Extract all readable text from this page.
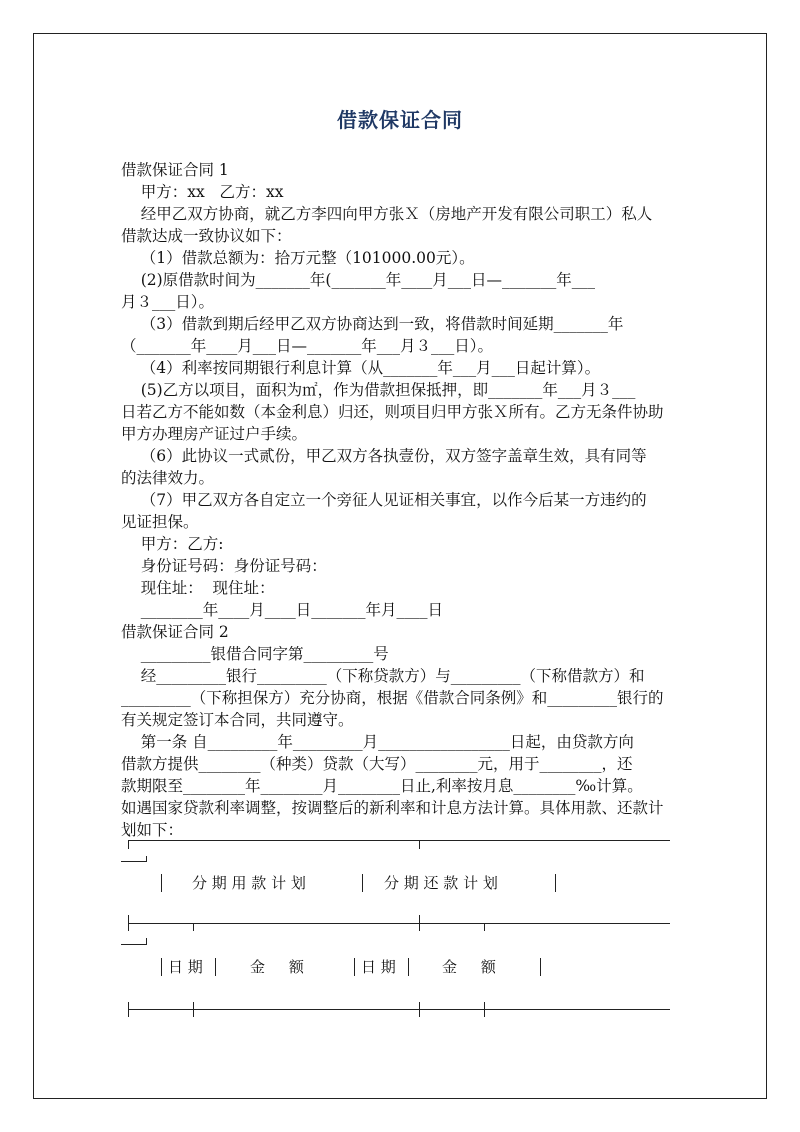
借款保证合同
借款保证合同 1
甲方：xx   乙方：xx
经甲乙双方协商，就乙方李四向甲方张Ｘ（房地产开发有限公司职工）私人
借款达成一致协议如下：
（1）借款总额为：拾万元整（101000.00元）。
(2)原借款时间为_______年(_______年____月___日—_______年___
月３___日）。
（3）借款到期后经甲乙双方协商达到一致，将借款时间延期_______年
（_______年____月___日—_______年___月３___日）。
（4）利率按同期银行利息计算（从_______年___月___日起计算）。
(5)乙方以项目，面积为㎡，作为借款担保抵押，即_______年___月３___
日若乙方不能如数（本金利息）归还，则项目归甲方张Ｘ所有。乙方无条件协助
甲方办理房产证过户手续。
（6）此协议一式贰份，甲乙双方各执壹份，双方签字盖章生效，具有同等
的法律效力。
（7）甲乙双方各自定立一个旁征人见证相关事宜，以作今后某一方违约的
见证担保。
甲方：乙方:
身份证号码：身份证号码：
现住址：  现住址：
________年____月____日_______年月____日
借款保证合同 2
_________银借合同字第_________号
经_________银行_________（下称贷款方）与_________（下称借款方）和
_________（下称担保方）充分协商，根据《借款合同条例》和_________银行的
有关规定签订本合同，共同遵守。
第一条 自_________年_________月_________________日起，由贷款方向
借款方提供________（种类）贷款（大写）________元，用于________，还
款期限至________年________月________日止,利率按月息________‰计算。
如遇国家贷款利率调整，按调整后的新利率和计息方法计算。具体用款、还款计
划如下：
分 期 用 款 计 划	分 期 还 款 计 划
日 期	金     额	日 期	金     额
